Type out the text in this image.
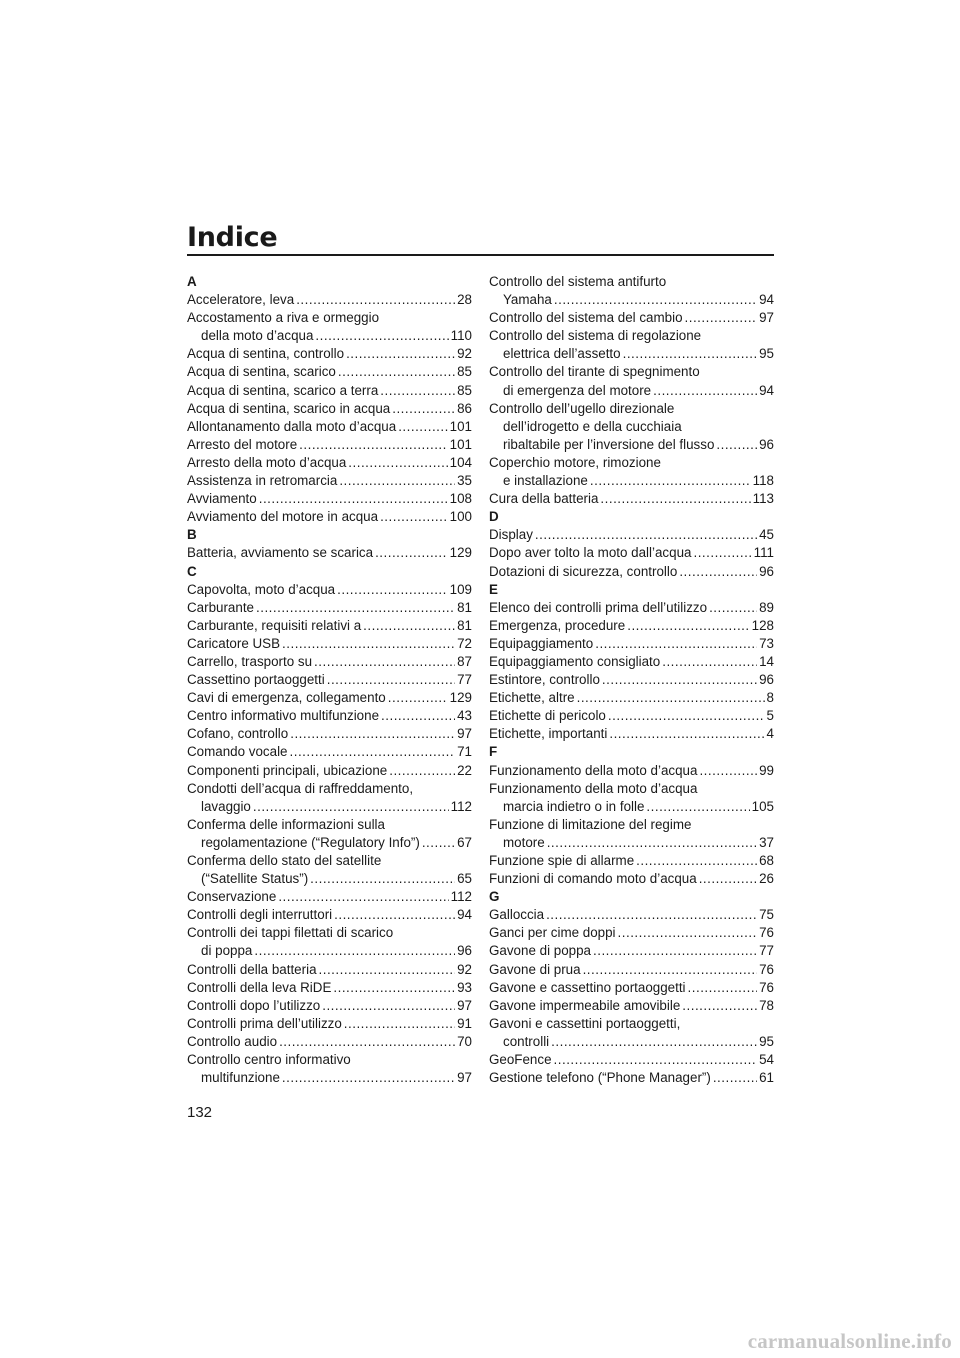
Indice
A
Acceleratore, leva .....	28
Accostamento a riva e ormeggio
della moto d’acqua .....	110
Acqua di sentina, controllo .....	92
Acqua di sentina, scarico .....	85
Acqua di sentina, scarico a terra .....	85
Acqua di sentina, scarico in acqua .....	86
Allontanamento dalla moto d’acqua .....	101
Arresto del motore .....	101
Arresto della moto d’acqua .....	104
Assistenza in retromarcia .....	35
Avviamento .....	108
Avviamento del motore in acqua .....	100
B
Batteria, avviamento se scarica .....	129
C
Capovolta, moto d’acqua .....	109
Carburante .....	81
Carburante, requisiti relativi a .....	81
Caricatore USB .....	72
Carrello, trasporto su .....	87
Cassettino portaoggetti .....	77
Cavi di emergenza, collegamento .....	129
Centro informativo multifunzione .....	43
Cofano, controllo .....	97
Comando vocale .....	71
Componenti principali, ubicazione .....	22
Condotti dell’acqua di raffreddamento,
lavaggio .....	112
Conferma delle informazioni sulla
regolamentazione (“Regulatory Info”) .....	67
Conferma dello stato del satellite
(“Satellite Status”) .....	65
Conservazione .....	112
Controlli degli interruttori .....	94
Controlli dei tappi filettati di scarico
di poppa .....	96
Controlli della batteria .....	92
Controlli della leva RiDE .....	93
Controlli dopo l’utilizzo .....	97
Controlli prima dell’utilizzo .....	91
Controllo audio .....	70
Controllo centro informativo
multifunzione .....	97
Controllo del sistema antifurto
Yamaha .....	94
Controllo del sistema del cambio .....	97
Controllo del sistema di regolazione
elettrica dell’assetto .....	95
Controllo del tirante di spegnimento
di emergenza del motore .....	94
Controllo dell’ugello direzionale
dell’idrogetto e della cucchiaia
ribaltabile per l’inversione del flusso .....	96
Coperchio motore, rimozione
e installazione .....	118
Cura della batteria .....	113
D
Display .....	45
Dopo aver tolto la moto dall’acqua .....	111
Dotazioni di sicurezza, controllo .....	96
E
Elenco dei controlli prima dell’utilizzo .....	89
Emergenza, procedure .....	128
Equipaggiamento .....	73
Equipaggiamento consigliato .....	14
Estintore, controllo .....	96
Etichette, altre .....	8
Etichette di pericolo .....	5
Etichette, importanti .....	4
F
Funzionamento della moto d’acqua .....	99
Funzionamento della moto d’acqua
marcia indietro o in folle .....	105
Funzione di limitazione del regime
motore .....	37
Funzione spie di allarme .....	68
Funzioni di comando moto d’acqua .....	26
G
Galloccia .....	75
Ganci per cime doppi .....	76
Gavone di poppa .....	77
Gavone di prua .....	76
Gavone e cassettino portaoggetti .....	76
Gavone impermeabile amovibile .....	78
Gavoni e cassettini portaoggetti,
controlli .....	95
GeoFence .....	54
Gestione telefono (“Phone Manager”) .....	61
132
carmanualsonline.info
